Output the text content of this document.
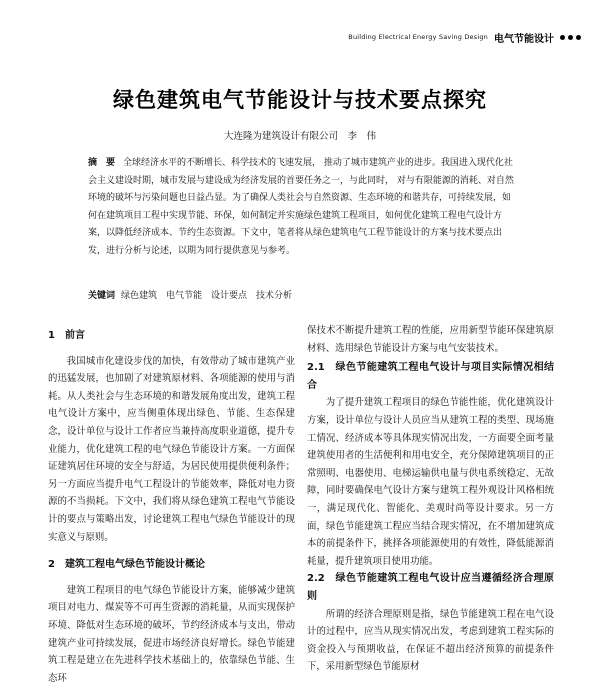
Building Electrical Energy Saving Design 电气节能设计
绿色建筑电气节能设计与技术要点探究
大连隆为建筑设计有限公司　李　伟
摘　要 全球经济水平的不断增长、科学技术的飞速发展， 推动了城市建筑产业的进步。我国进入现代化社会主义建设时期，城市发展与建设成为经济发展的首要任务之一，与此同时， 对与有限能源的消耗、对自然环境的破坏与污染问题也日益凸显。为了确保人类社会与自然资源、生态环境的和谐共存，可持续发展，如何在建筑项目工程中实现节能、环保，如何制定并实施绿色建筑工程项目，如何优化建筑工程电气设计方案，以降低经济成本、节约生态资源。下文中，笔者将从绿色建筑电气工程节能设计的方案与技术要点出发，进行分析与论述，以期为同行提供意见与参考。
关键词 绿色建筑　电气节能　设计要点　技术分析

1　前言

我国城市化建设步伐的加快，有效带动了城市建筑产业的迅猛发展，也加剧了对建筑原材料、各项能源的使用与消耗。从人类社会与生态环境的和谐发展角度出发，建筑工程电气设计方案中，应当侧重体现出绿色、节能、生态保建念，设计单位与设计工作者应当兼持高度职业道德，提升专业能力，优化建筑工程的电气绿色节能设计方案。一方面保证建筑居住环境的安全与舒适，为居民使用提供便利条件；另一方面应当提升电气工程设计的节能效率，降低对电力资源的不当损耗。下文中，我们将从绿色建筑工程电气节能设计的要点与策略出发，讨论建筑工程电气绿色节能设计的现实意义与原则。

2　建筑工程电气绿色节能设计概论

建筑工程项目的电气绿色节能设计方案，能够减少建筑项目对电力、煤炭等不可再生资源的消耗量，从而实现保护环境、降低对生态环境的破坏，节约经济成本与支出，带动建筑产业可持续发展，促进市场经济良好增长。绿色节能建筑工程是建立在先进科学技术基础上的，依靠绿色节能、生态环

保技术不断提升建筑工程的性能，应用新型节能环保建筑原材料、选用绿色节能设计方案与电气安装技术。

2.1　绿色节能建筑工程电气设计与项目实际情况相结合

为了提升建筑工程项目的绿色节能性能，优化建筑设计方案，设计单位与设计人员应当从建筑工程的类型、现场施工情况、经济成本等具体现实情况出发，一方面要全面考量建筑使用者的生活便利和用电安全，充分保障建筑项目的正常照明、电器使用、电梯运输供电量与供电系统稳定、无故障，同时要确保电气设计方案与建筑工程外观设计风格相统一，满足现代化、智能化、美观时尚等设计要求。另一方面，绿色节能建筑工程应当结合现实情况，在不增加建筑成本的前提条件下，挑择各项能源使用的有效性，降低能源消耗量，提升建筑项目使用功能。

2.2　绿色节能建筑工程电气设计应当遵循经济合理原则

所谓的经济合理原则是指，绿色节能建筑工程在电气设计的过程中，应当从现实情况出发，考虑到建筑工程实际的资金投入与预期收益，在保证不超出经济预算的前提条件下，采用新型绿色节能原材
